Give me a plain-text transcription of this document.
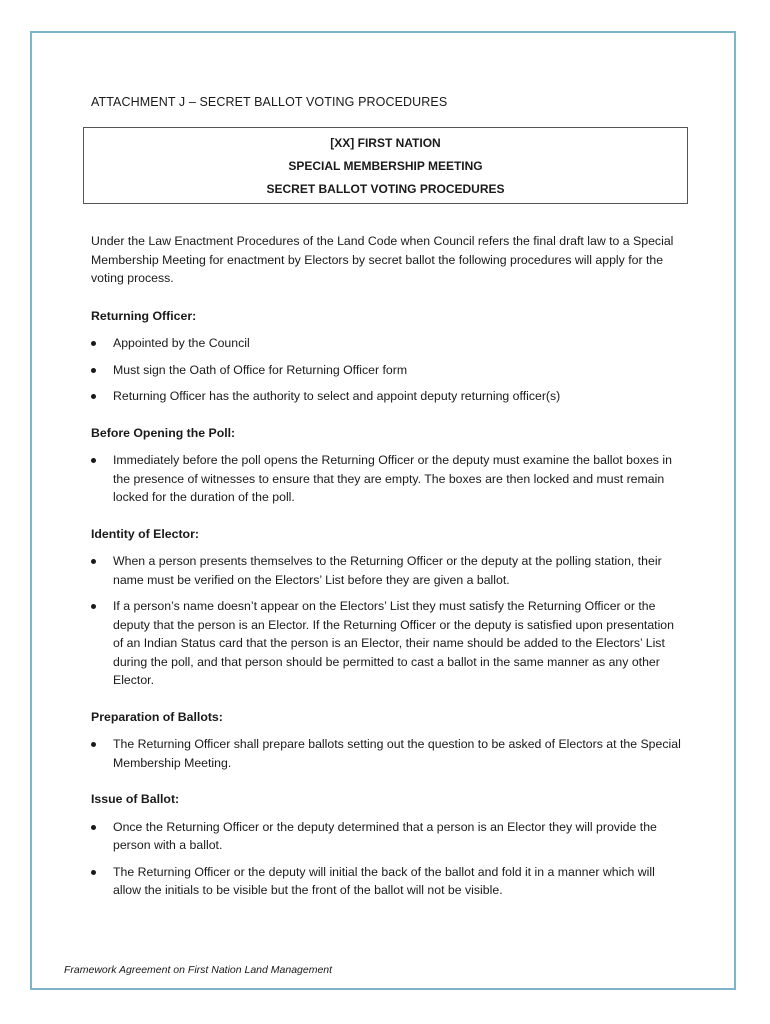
ATTACHMENT J – SECRET BALLOT VOTING PROCEDURES
[XX] FIRST NATION
SPECIAL MEMBERSHIP MEETING
SECRET BALLOT VOTING PROCEDURES

Under the Law Enactment Procedures of the Land Code when Council refers the final draft law to a Special Membership Meeting for enactment by Electors by secret ballot the following procedures will apply for the voting process.

Returning Officer:

Appointed by the Council
Must sign the Oath of Office for Returning Officer form
Returning Officer has the authority to select and appoint deputy returning officer(s)

Before Opening the Poll:

Immediately before the poll opens the Returning Officer or the deputy must examine the ballot boxes in the presence of witnesses to ensure that they are empty. The boxes are then locked and must remain locked for the duration of the poll.

Identity of Elector:

When a person presents themselves to the Returning Officer or the deputy at the polling station, their name must be verified on the Electors’ List before they are given a ballot.
If a person’s name doesn’t appear on the Electors’ List they must satisfy the Returning Officer or the deputy that the person is an Elector. If the Returning Officer or the deputy is satisfied upon presentation of an Indian Status card that the person is an Elector, their name should be added to the Electors’ List during the poll, and that person should be permitted to cast a ballot in the same manner as any other Elector.

Preparation of Ballots:

The Returning Officer shall prepare ballots setting out the question to be asked of Electors at the Special Membership Meeting.

Issue of Ballot:

Once the Returning Officer or the deputy determined that a person is an Elector they will provide the person with a ballot.
The Returning Officer or the deputy will initial the back of the ballot and fold it in a manner which will allow the initials to be visible but the front of the ballot will not be visible.
Framework Agreement on First Nation Land Management
